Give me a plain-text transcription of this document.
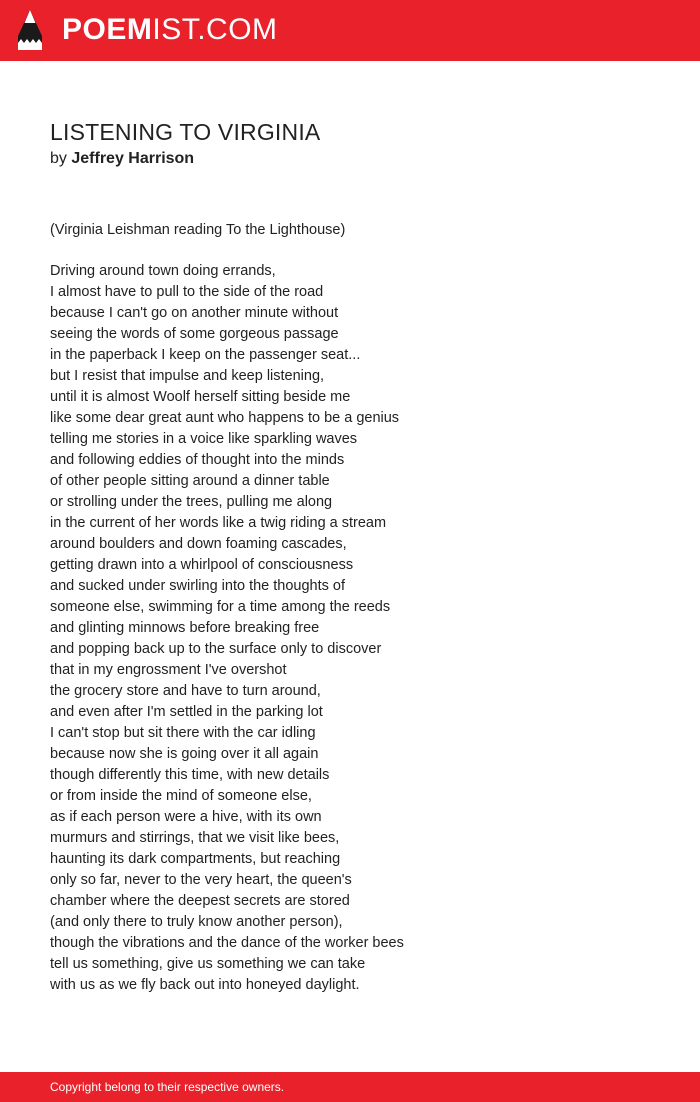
POEMIST.COM
LISTENING TO VIRGINIA
by Jeffrey Harrison
(Virginia Leishman reading To the Lighthouse)
Driving around town doing errands,
I almost have to pull to the side of the road
because I can't go on another minute without
seeing the words of some gorgeous passage
in the paperback I keep on the passenger seat...
but I resist that impulse and keep listening,
until it is almost Woolf herself sitting beside me
like some dear great aunt who happens to be a genius
telling me stories in a voice like sparkling waves
and following eddies of thought into the minds
of other people sitting around a dinner table
or strolling under the trees, pulling me along
in the current of her words like a twig riding a stream
around boulders and down foaming cascades,
getting drawn into a whirlpool of consciousness
and sucked under swirling into the thoughts of
someone else, swimming for a time among the reeds
and glinting minnows before breaking free
and popping back up to the surface only to discover
that in my engrossment I've overshot
the grocery store and have to turn around,
and even after I'm settled in the parking lot
I can't stop but sit there with the car idling
because now she is going over it all again
though differently this time, with new details
or from inside the mind of someone else,
as if each person were a hive, with its own
murmurs and stirrings, that we visit like bees,
haunting its dark compartments, but reaching
only so far, never to the very heart, the queen's
chamber where the deepest secrets are stored
(and only there to truly know another person),
though the vibrations and the dance of the worker bees
tell us something, give us something we can take
with us as we fly back out into honeyed daylight.
Copyright belong to their respective owners.
